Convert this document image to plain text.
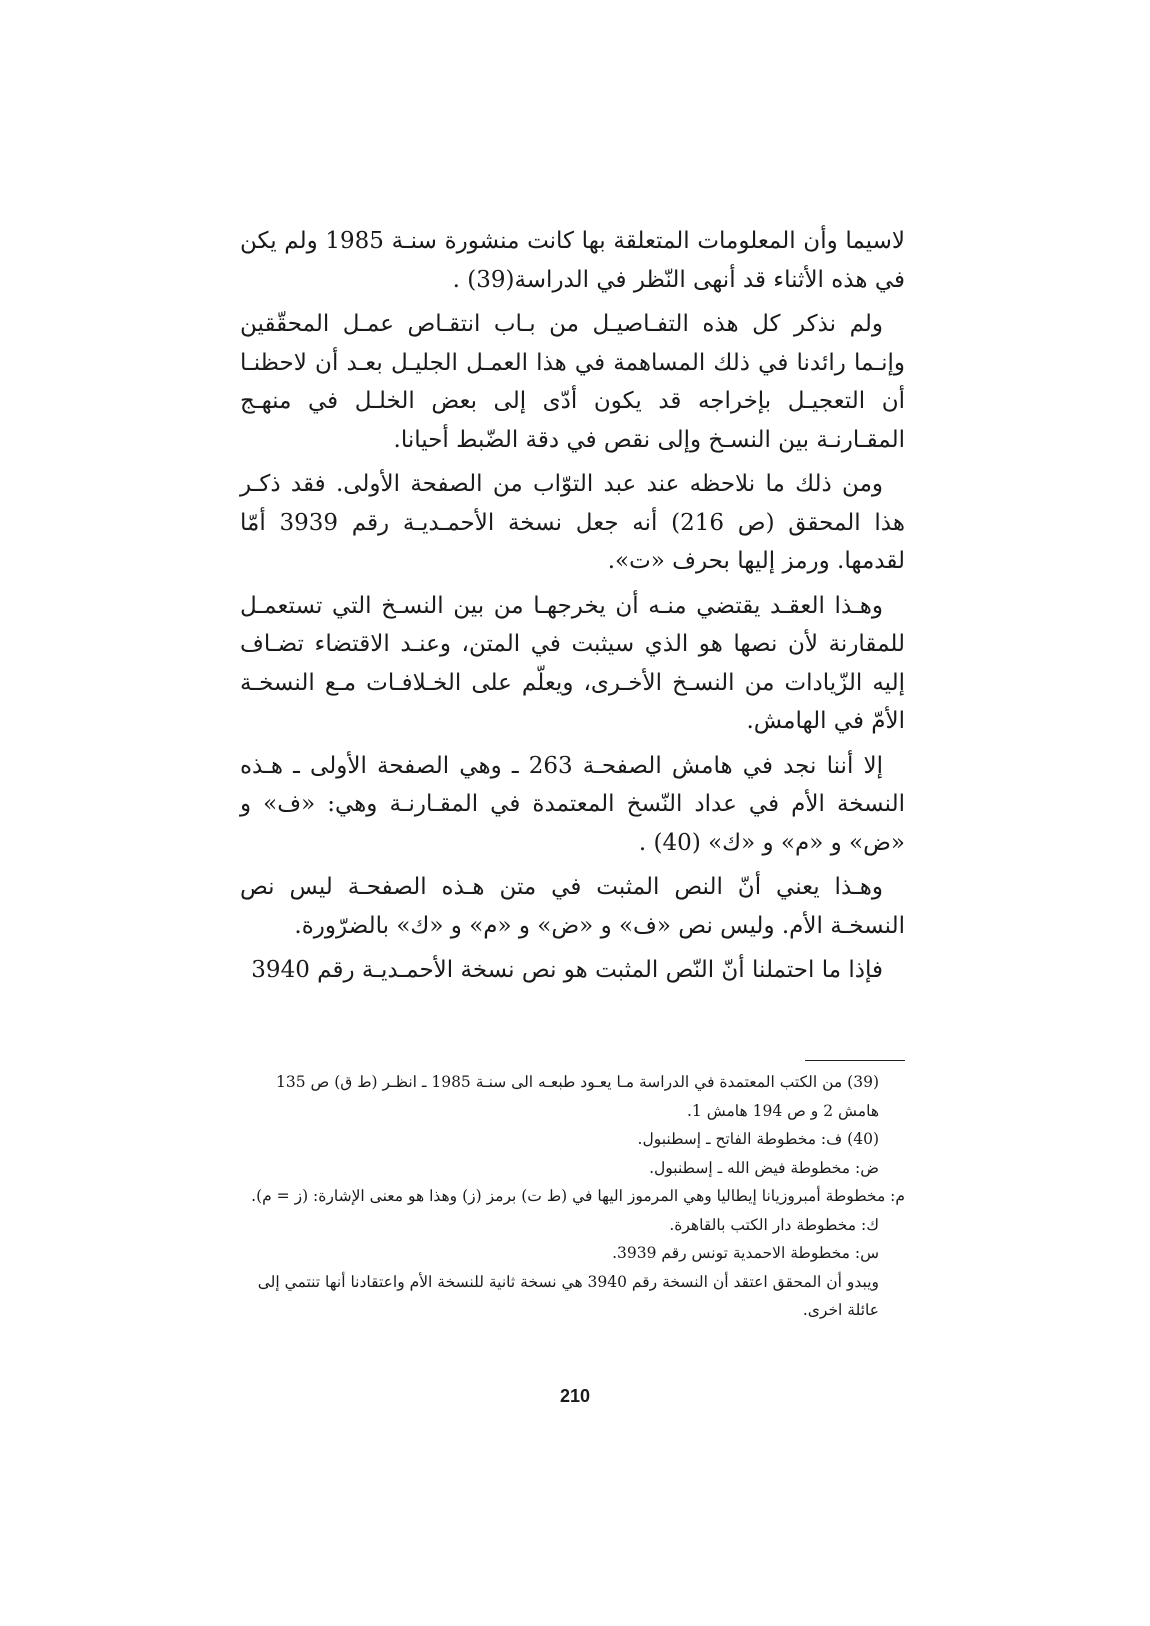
لاسيما وأن المعلومات المتعلقة بها كانت منشورة سنـة 1985 ولم يكن في هذه الأثناء قد أنهى النّظر في الدراسة(39) .

ولم نذكر كل هذه التفـاصيـل من بـاب انتقـاص عمـل المحقّقين وإنـما رائدنا في ذلك المساهمة في هذا العمـل الجليـل بعـد أن لاحظنـا أن التعجيـل بإخراجه قد يكون أدّى إلى بعض الخلـل في منهـج المقـارنـة بين النسـخ وإلى نقص في دقة الضّبط أحيانا.

ومن ذلك ما نلاحظه عند عبد التوّاب من الصفحة الأولى. فقد ذكـر هذا المحقق (ص 216) أنه جعل نسخة الأحمـديـة رقم 3939 أمّا لقدمها. ورمز إليها بحرف «ت».

وهـذا العقـد يقتضي منـه أن يخرجهـا من بين النسـخ التي تستعمـل للمقارنة لأن نصها هو الذي سيثبت في المتن، وعنـد الاقتضاء تضـاف إليه الزّيادات من النسـخ الأخـرى، ويعلّم على الخـلافـات مـع النسخـة الأمّ في الهامش.

إلا أننا نجد في هامش الصفحـة 263 ـ وهي الصفحة الأولى ـ هـذه النسخة الأم في عداد النّسخ المعتمدة في المقـارنـة وهي: «ف» و «ض» و «م» و «ك» (40) .

وهـذا يعني أنّ النص المثبت في متن هـذه الصفحـة ليس نص النسخـة الأم. وليس نص «ف» و «ض» و «م» و «ك» بالضرّورة.

فإذا ما احتملنا أنّ النّص المثبت هو نص نسخة الأحمـديـة رقم 3940

(39) من الكتب المعتمدة في الدراسة مـا يعـود طبعـه الى سنـة 1985 ـ انظـر (ط ق) ص 135 هامش 2 و ص 194 هامش 1.

(40) ف: مخطوطة الفاتح ـ إسطنبول.

ض: مخطوطة فيض الله ـ إسطنبول.

م: مخطوطة أمبروزيانا إيطاليا وهي المرموز اليها في (ط ت) برمز (ز) وهذا هو معنى الإشارة: (ز = م).

ك: مخطوطة دار الكتب بالقاهرة.

س: مخطوطة الاحمدية تونس رقم 3939.

ويبدو أن المحقق اعتقد أن النسخة رقم 3940 هي نسخة ثانية للنسخة الأم واعتقادنا أنها تنتمي إلى عائلة اخرى.

210
